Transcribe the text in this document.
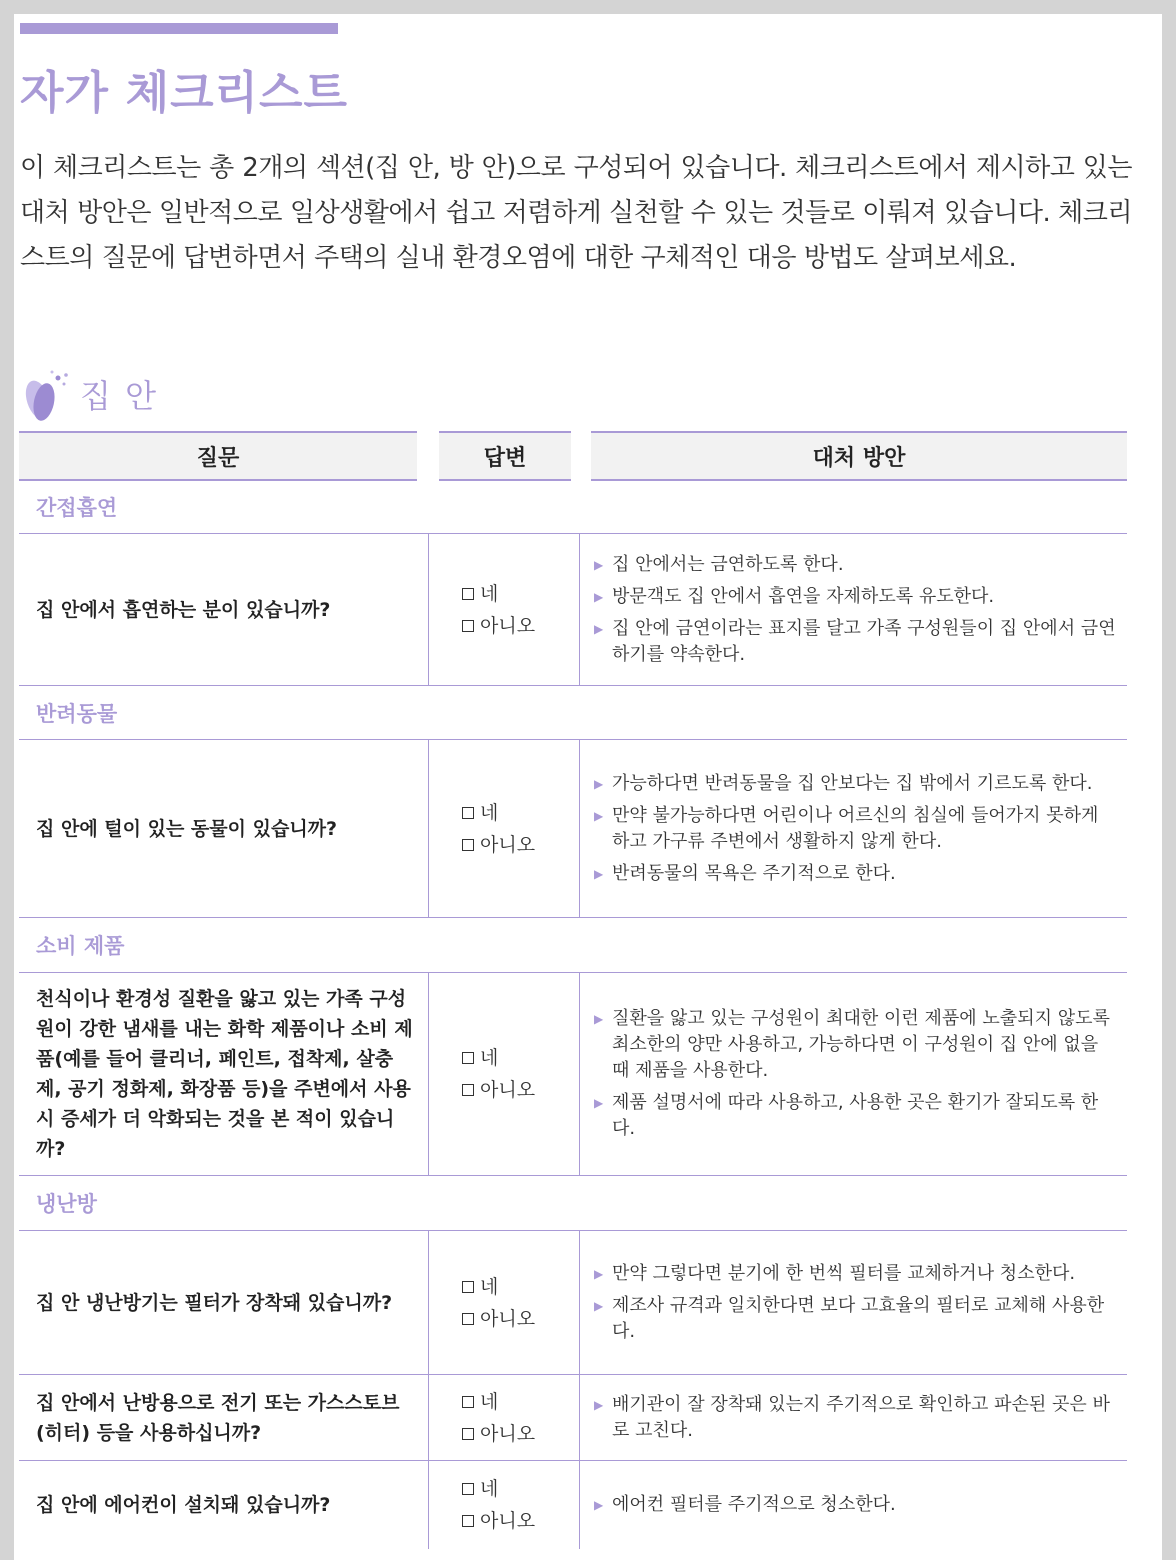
자가 체크리스트

이 체크리스트는 총 2개의 섹션(집 안, 방 안)으로 구성되어 있습니다. 체크리스트에서 제시하고 있는 대처 방안은 일반적으로 일상생활에서 쉽고 저렴하게 실천할 수 있는 것들로 이뤄져 있습니다. 체크리스트의 질문에 답변하면서 주택의 실내 환경오염에 대한 구체적인 대응 방법도 살펴보세요.

집 안
질문	답변	대처 방안
간접흡연
집 안에서 흡연하는 분이 있습니까?
네
아니오
▶ 집 안에서는 금연하도록 한다.
▶ 방문객도 집 안에서 흡연을 자제하도록 유도한다.
▶ 집 안에 금연이라는 표지를 달고 가족 구성원들이 집 안에서 금연하기를 약속한다.
반려동물
집 안에 털이 있는 동물이 있습니까?
네
아니오
▶ 가능하다면 반려동물을 집 안보다는 집 밖에서 기르도록 한다.
▶ 만약 불가능하다면 어린이나 어르신의 침실에 들어가지 못하게 하고 가구류 주변에서 생활하지 않게 한다.
▶ 반려동물의 목욕은 주기적으로 한다.
소비 제품
천식이나 환경성 질환을 앓고 있는 가족 구성원이 강한 냄새를 내는 화학 제품이나 소비 제품(예를 들어 클리너, 페인트, 접착제, 살충제, 공기 정화제, 화장품 등)을 주변에서 사용 시 증세가 더 악화되는 것을 본 적이 있습니까?
네
아니오
▶ 질환을 앓고 있는 구성원이 최대한 이런 제품에 노출되지 않도록 최소한의 양만 사용하고, 가능하다면 이 구성원이 집 안에 없을 때 제품을 사용한다.
▶ 제품 설명서에 따라 사용하고, 사용한 곳은 환기가 잘되도록 한다.
냉난방
집 안 냉난방기는 필터가 장착돼 있습니까?
네
아니오
▶ 만약 그렇다면 분기에 한 번씩 필터를 교체하거나 청소한다.
▶ 제조사 규격과 일치한다면 보다 고효율의 필터로 교체해 사용한다.
집 안에서 난방용으로 전기 또는 가스스토브(히터) 등을 사용하십니까?
네
아니오
▶ 배기관이 잘 장착돼 있는지 주기적으로 확인하고 파손된 곳은 바로 고친다.
집 안에 에어컨이 설치돼 있습니까?
네
아니오
▶ 에어컨 필터를 주기적으로 청소한다.
